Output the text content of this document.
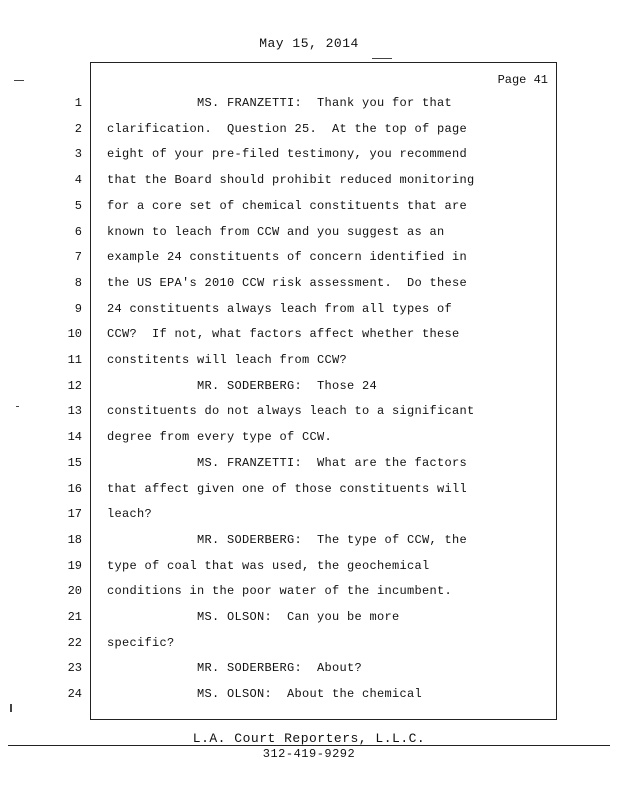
May 15, 2014
Page 41
1 MS. FRANZETTI:  Thank you for that
2 clarification.  Question 25.  At the top of page
3 eight of your pre-filed testimony, you recommend
4 that the Board should prohibit reduced monitoring
5 for a core set of chemical constituents that are
6 known to leach from CCW and you suggest as an
7 example 24 constituents of concern identified in
8 the US EPA's 2010 CCW risk assessment.  Do these
9 24 constituents always leach from all types of
10 CCW?  If not, what factors affect whether these
11 constitents will leach from CCW?
12 MR. SODERBERG:  Those 24
13 constituents do not always leach to a significant
14 degree from every type of CCW.
15 MS. FRANZETTI:  What are the factors
16 that affect given one of those constituents will
17 leach?
18 MR. SODERBERG:  The type of CCW, the
19 type of coal that was used, the geochemical
20 conditions in the poor water of the incumbent.
21 MS. OLSON:  Can you be more
22 specific?
23 MR. SODERBERG:  About?
24 MS. OLSON:  About the chemical
L.A. Court Reporters, L.L.C.
312-419-9292
